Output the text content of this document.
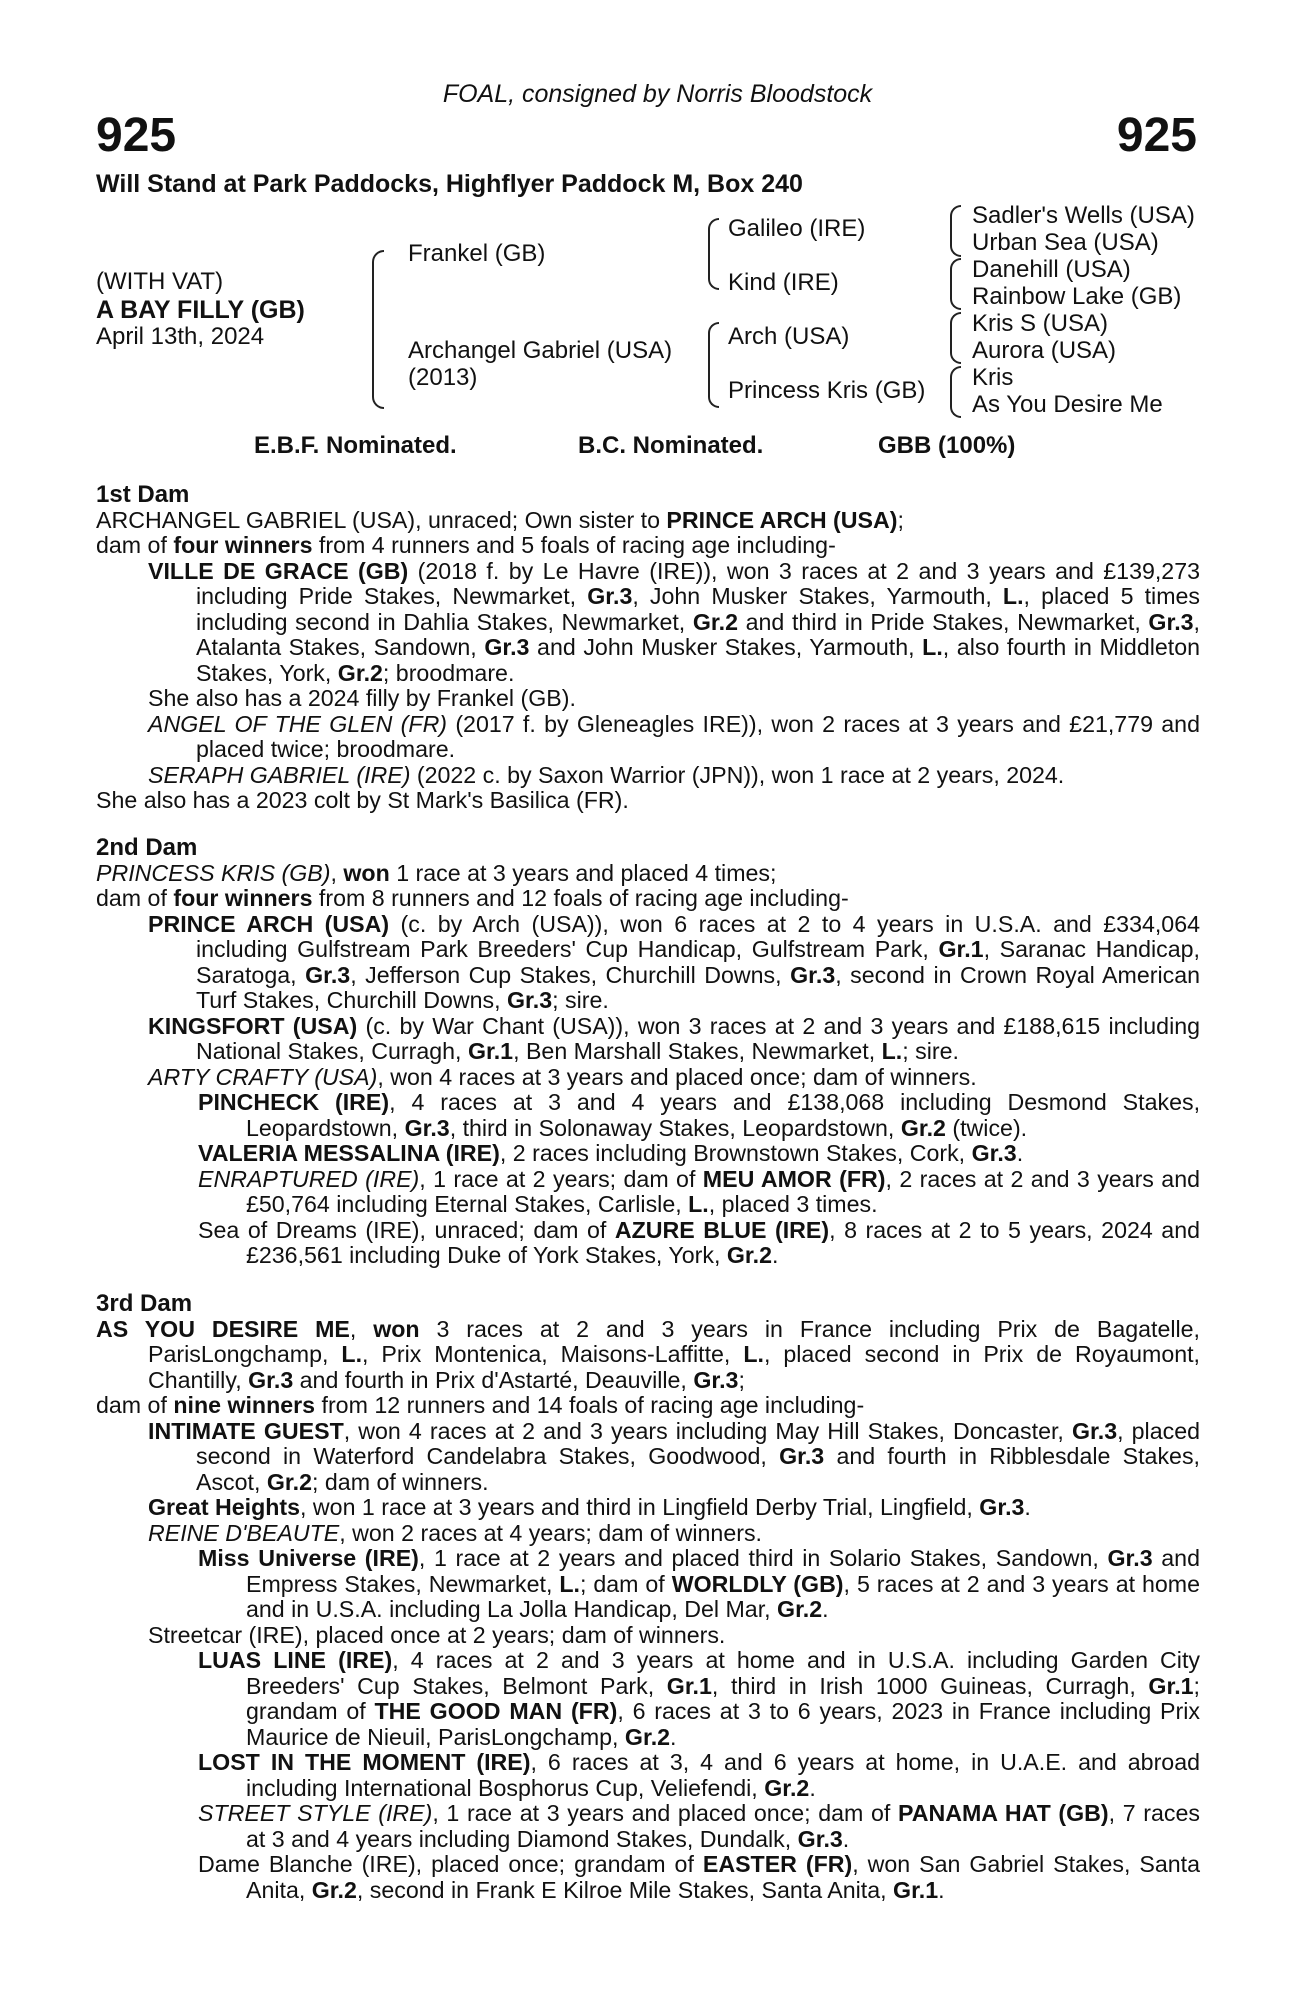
FOAL, consigned by Norris Bloodstock
925	925
Will Stand at Park Paddocks, Highflyer Paddock M, Box 240
(WITH VAT)
A BAY FILLY (GB)
April 13th, 2024
Frankel (GB)
Archangel Gabriel (USA)
(2013)
Galileo (IRE)
Kind (IRE)
Arch (USA)
Princess Kris (GB)
Sadler's Wells (USA)
Urban Sea (USA)
Danehill (USA)
Rainbow Lake (GB)
Kris S (USA)
Aurora (USA)
Kris
As You Desire Me
E.B.F. Nominated.	B.C. Nominated.	GBB (100%)
1st Dam
ARCHANGEL GABRIEL (USA), unraced; Own sister to PRINCE ARCH (USA);
dam of four winners from 4 runners and 5 foals of racing age including-
VILLE DE GRACE (GB) (2018 f. by Le Havre (IRE)), won 3 races at 2 and 3 years and £139,273 including Pride Stakes, Newmarket, Gr.3, John Musker Stakes, Yarmouth, L., placed 5 times including second in Dahlia Stakes, Newmarket, Gr.2 and third in Pride Stakes, Newmarket, Gr.3, Atalanta Stakes, Sandown, Gr.3 and John Musker Stakes, Yarmouth, L., also fourth in Middleton Stakes, York, Gr.2; broodmare.
She also has a 2024 filly by Frankel (GB).
ANGEL OF THE GLEN (FR) (2017 f. by Gleneagles IRE)), won 2 races at 3 years and £21,779 and placed twice; broodmare.
SERAPH GABRIEL (IRE) (2022 c. by Saxon Warrior (JPN)), won 1 race at 2 years, 2024.
She also has a 2023 colt by St Mark's Basilica (FR).
2nd Dam
PRINCESS KRIS (GB), won 1 race at 3 years and placed 4 times;
dam of four winners from 8 runners and 12 foals of racing age including-
PRINCE ARCH (USA) (c. by Arch (USA)), won 6 races at 2 to 4 years in U.S.A. and £334,064 including Gulfstream Park Breeders' Cup Handicap, Gulfstream Park, Gr.1, Saranac Handicap, Saratoga, Gr.3, Jefferson Cup Stakes, Churchill Downs, Gr.3, second in Crown Royal American Turf Stakes, Churchill Downs, Gr.3; sire.
KINGSFORT (USA) (c. by War Chant (USA)), won 3 races at 2 and 3 years and £188,615 including National Stakes, Curragh, Gr.1, Ben Marshall Stakes, Newmarket, L.; sire.
ARTY CRAFTY (USA), won 4 races at 3 years and placed once; dam of winners.
PINCHECK (IRE), 4 races at 3 and 4 years and £138,068 including Desmond Stakes, Leopardstown, Gr.3, third in Solonaway Stakes, Leopardstown, Gr.2 (twice).
VALERIA MESSALINA (IRE), 2 races including Brownstown Stakes, Cork, Gr.3.
ENRAPTURED (IRE), 1 race at 2 years; dam of MEU AMOR (FR), 2 races at 2 and 3 years and £50,764 including Eternal Stakes, Carlisle, L., placed 3 times.
Sea of Dreams (IRE), unraced; dam of AZURE BLUE (IRE), 8 races at 2 to 5 years, 2024 and £236,561 including Duke of York Stakes, York, Gr.2.
3rd Dam
AS YOU DESIRE ME, won 3 races at 2 and 3 years in France including Prix de Bagatelle, ParisLongchamp, L., Prix Montenica, Maisons-Laffitte, L., placed second in Prix de Royaumont, Chantilly, Gr.3 and fourth in Prix d'Astarté, Deauville, Gr.3;
dam of nine winners from 12 runners and 14 foals of racing age including-
INTIMATE GUEST, won 4 races at 2 and 3 years including May Hill Stakes, Doncaster, Gr.3, placed second in Waterford Candelabra Stakes, Goodwood, Gr.3 and fourth in Ribblesdale Stakes, Ascot, Gr.2; dam of winners.
Great Heights, won 1 race at 3 years and third in Lingfield Derby Trial, Lingfield, Gr.3.
REINE D'BEAUTE, won 2 races at 4 years; dam of winners.
Miss Universe (IRE), 1 race at 2 years and placed third in Solario Stakes, Sandown, Gr.3 and Empress Stakes, Newmarket, L.; dam of WORLDLY (GB), 5 races at 2 and 3 years at home and in U.S.A. including La Jolla Handicap, Del Mar, Gr.2.
Streetcar (IRE), placed once at 2 years; dam of winners.
LUAS LINE (IRE), 4 races at 2 and 3 years at home and in U.S.A. including Garden City Breeders' Cup Stakes, Belmont Park, Gr.1, third in Irish 1000 Guineas, Curragh, Gr.1; grandam of THE GOOD MAN (FR), 6 races at 3 to 6 years, 2023 in France including Prix Maurice de Nieuil, ParisLongchamp, Gr.2.
LOST IN THE MOMENT (IRE), 6 races at 3, 4 and 6 years at home, in U.A.E. and abroad including International Bosphorus Cup, Veliefendi, Gr.2.
STREET STYLE (IRE), 1 race at 3 years and placed once; dam of PANAMA HAT (GB), 7 races at 3 and 4 years including Diamond Stakes, Dundalk, Gr.3.
Dame Blanche (IRE), placed once; grandam of EASTER (FR), won San Gabriel Stakes, Santa Anita, Gr.2, second in Frank E Kilroe Mile Stakes, Santa Anita, Gr.1.
